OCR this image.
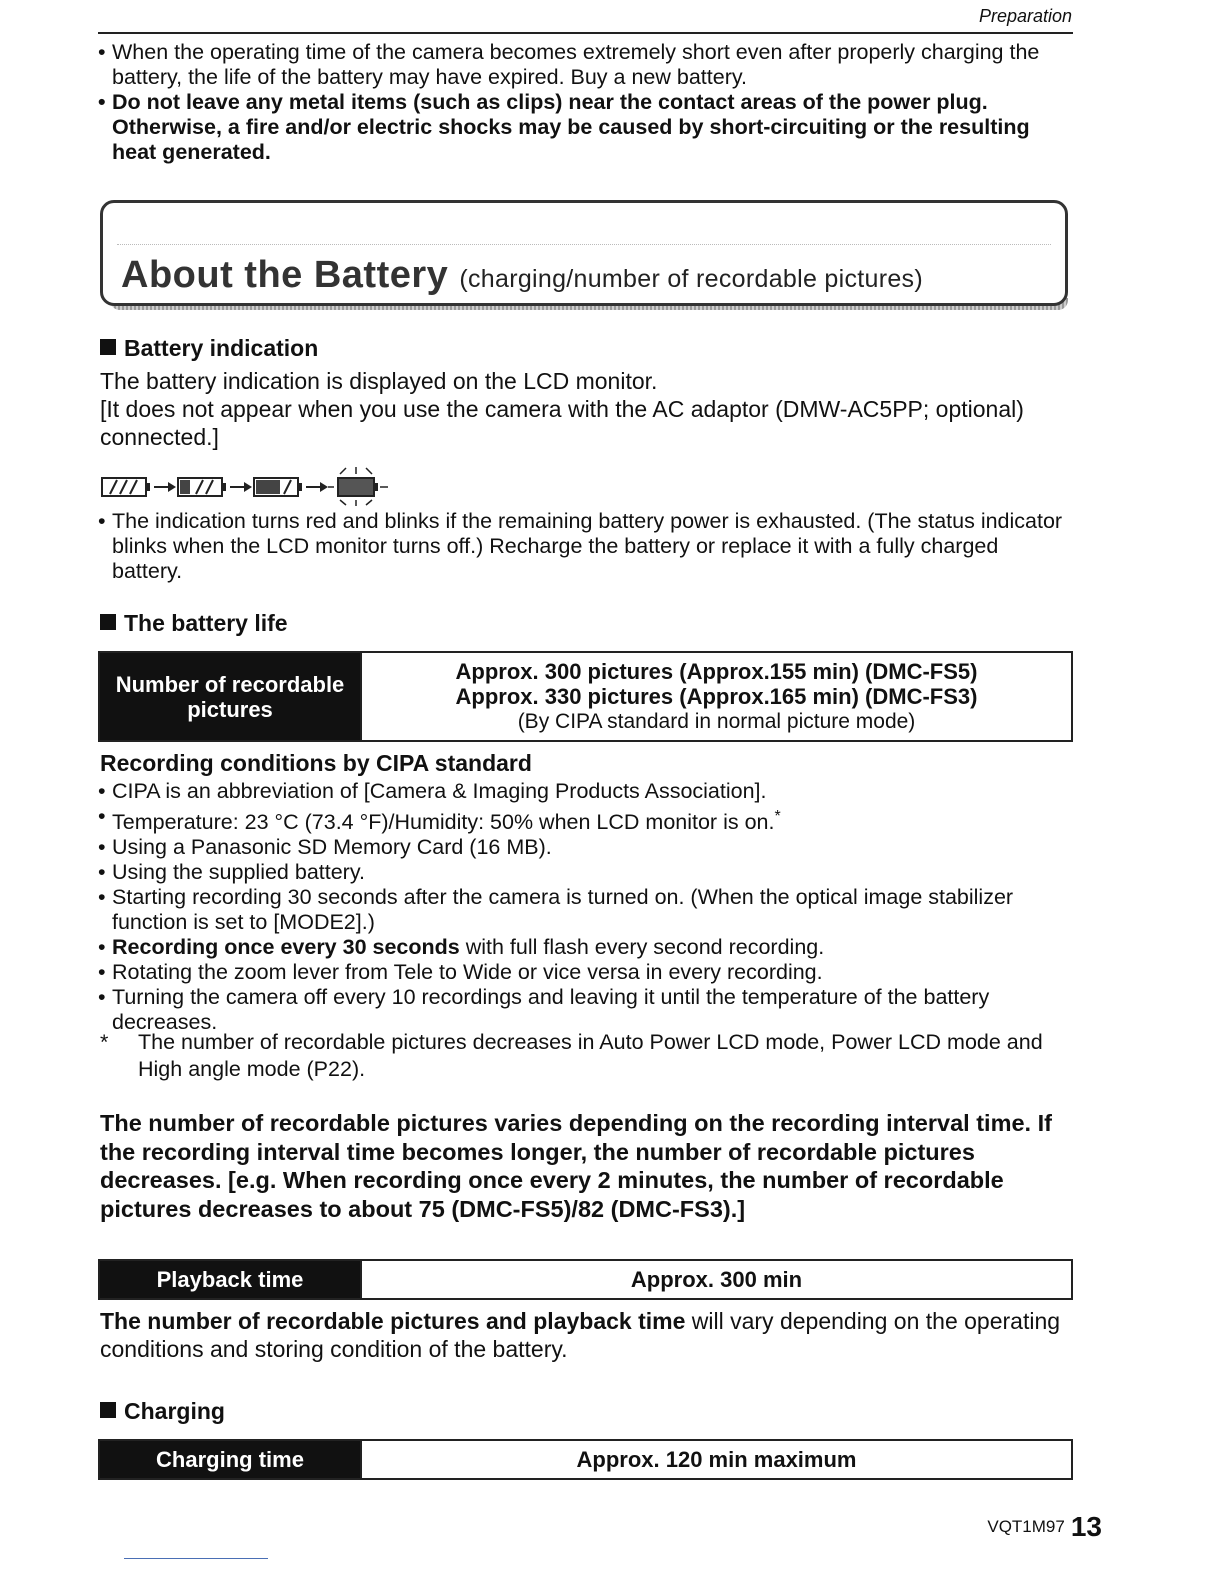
Preparation
• When the operating time of the camera becomes extremely short even after properly charging the battery, the life of the battery may have expired. Buy a new battery.
• Do not leave any metal items (such as clips) near the contact areas of the power plug. Otherwise, a fire and/or electric shocks may be caused by short-circuiting or the resulting heat generated.
About the Battery (charging/number of recordable pictures)
Battery indication
The battery indication is displayed on the LCD monitor.
[It does not appear when you use the camera with the AC adaptor (DMW-AC5PP; optional) connected.]
• The indication turns red and blinks if the remaining battery power is exhausted. (The status indicator blinks when the LCD monitor turns off.) Recharge the battery or replace it with a fully charged battery.
The battery life
Number of recordable pictures
Approx. 300 pictures (Approx.155 min) (DMC-FS5)
Approx. 330 pictures (Approx.165 min) (DMC-FS3)
(By CIPA standard in normal picture mode)
Recording conditions by CIPA standard
• CIPA is an abbreviation of [Camera & Imaging Products Association].
• Temperature: 23 °C (73.4 °F)/Humidity: 50% when LCD monitor is on.*
• Using a Panasonic SD Memory Card (16 MB).
• Using the supplied battery.
• Starting recording 30 seconds after the camera is turned on. (When the optical image stabilizer function is set to [MODE2].)
• Recording once every 30 seconds with full flash every second recording.
• Rotating the zoom lever from Tele to Wide or vice versa in every recording.
• Turning the camera off every 10 recordings and leaving it until the temperature of the battery decreases.
* The number of recordable pictures decreases in Auto Power LCD mode, Power LCD mode and High angle mode (P22).
The number of recordable pictures varies depending on the recording interval time. If the recording interval time becomes longer, the number of recordable pictures decreases. [e.g. When recording once every 2 minutes, the number of recordable pictures decreases to about 75 (DMC-FS5)/82 (DMC-FS3).]
Playback time	Approx. 300 min
The number of recordable pictures and playback time will vary depending on the operating conditions and storing condition of the battery.
Charging
Charging time	Approx. 120 min maximum
VQT1M97 13
